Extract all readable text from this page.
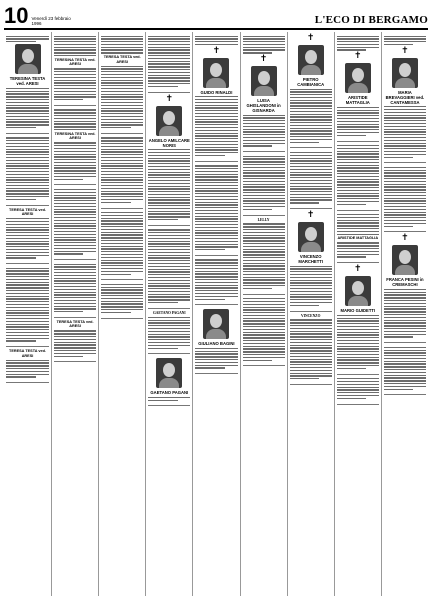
10 Venerdì 23 febbraio 1996	L'ECO DI BERGAMO
TERESINA TESTA ved. ARESI
TERESA TESTA ved. ARESI
TERESA TESTA ved. ARESI
TERESINA TESTA ved. ARESI
TERESINA TESTA ved. ARESI
TERESA TESTA ved. ARESI
TERESA TESTA ved. ARESI
✝
ANGELO AMILCARE NORIS
GAETANO PAGANI
GAETANO PAGANI
✝
GUIDO RINALDI
GIULIANO BAGINI
✝
LUISA GHISLANDONI in GISNARDA
LELLY
✝
PIETRO CAMBIANICA
✝
VINCENZO MARCHETTI
VINCENZO
✝
ARISTIDE MATTAGLIA
ARISTIDE MATTAGLIA
✝
MARIO GUIDETTI
✝
MARIA BREVAGGIERI ved. CANTAMESSA
✝
FRANCA PESINI in CREMASCHI
